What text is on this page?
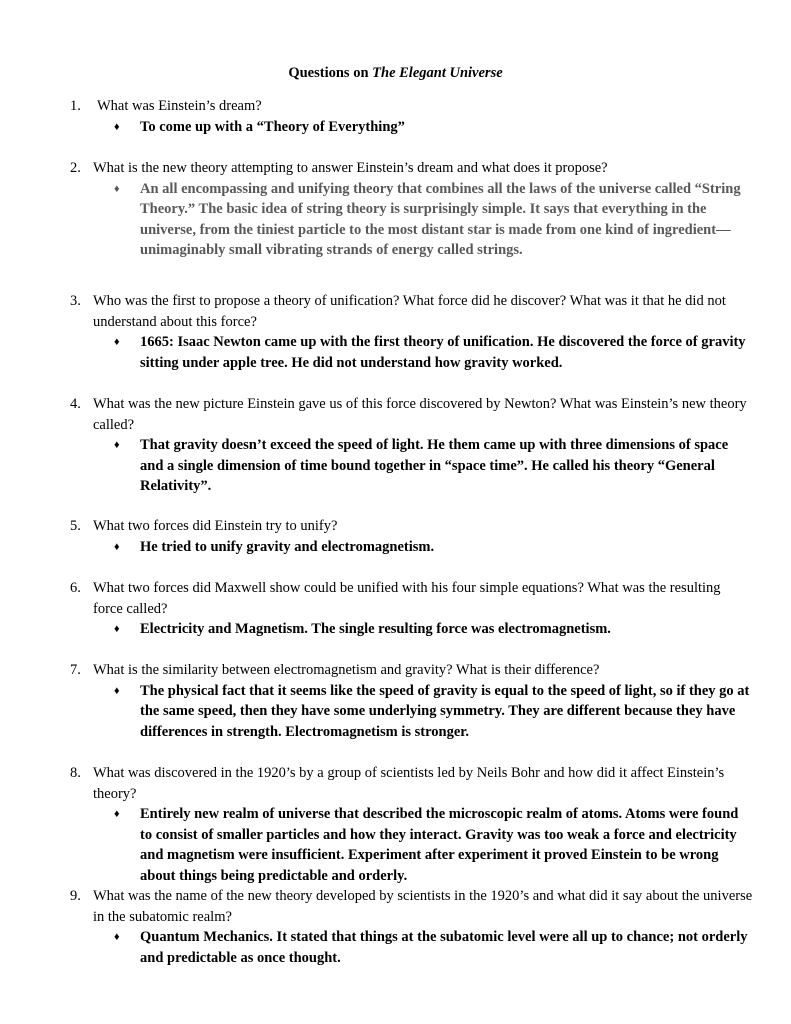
Questions on The Elegant Universe
1. What was Einstein’s dream?
♦ To come up with a “Theory of Everything”
2. What is the new theory attempting to answer Einstein’s dream and what does it propose?
♦ An all encompassing and unifying theory that combines all the laws of the universe called “String Theory.” The basic idea of string theory is surprisingly simple. It says that everything in the universe, from the tiniest particle to the most distant star is made from one kind of ingredient—unimaginably small vibrating strands of energy called strings.
3. Who was the first to propose a theory of unification? What force did he discover? What was it that he did not understand about this force?
♦ 1665: Isaac Newton came up with the first theory of unification. He discovered the force of gravity sitting under apple tree. He did not understand how gravity worked.
4. What was the new picture Einstein gave us of this force discovered by Newton? What was Einstein’s new theory called?
♦ That gravity doesn’t exceed the speed of light. He them came up with three dimensions of space and a single dimension of time bound together in “space time”. He called his theory “General Relativity”.
5. What two forces did Einstein try to unify?
♦ He tried to unify gravity and electromagnetism.
6. What two forces did Maxwell show could be unified with his four simple equations? What was the resulting force called?
♦ Electricity and Magnetism. The single resulting force was electromagnetism.
7. What is the similarity between electromagnetism and gravity? What is their difference?
♦ The physical fact that it seems like the speed of gravity is equal to the speed of light, so if they go at the same speed, then they have some underlying symmetry. They are different because they have differences in strength. Electromagnetism is stronger.
8. What was discovered in the 1920’s by a group of scientists led by Neils Bohr and how did it affect Einstein’s theory?
♦ Entirely new realm of universe that described the microscopic realm of atoms. Atoms were found to consist of smaller particles and how they interact. Gravity was too weak a force and electricity and magnetism were insufficient. Experiment after experiment it proved Einstein to be wrong about things being predictable and orderly.
9. What was the name of the new theory developed by scientists in the 1920’s and what did it say about the universe in the subatomic realm?
♦ Quantum Mechanics. It stated that things at the subatomic level were all up to chance; not orderly and predictable as once thought.
